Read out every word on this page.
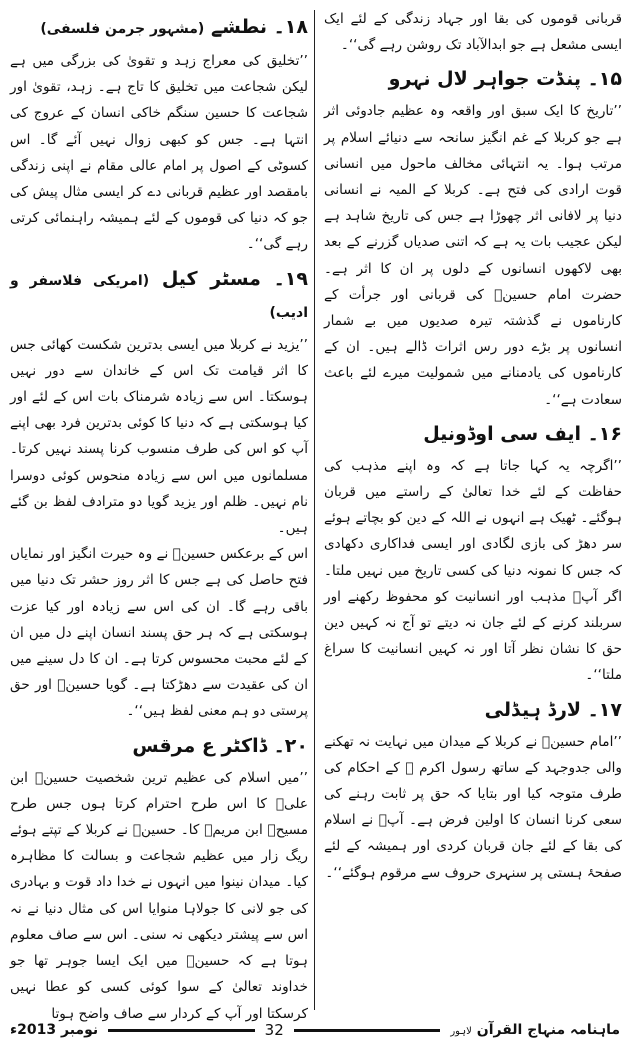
قربانی قوموں کی بقا اور جہاد زندگی کے لئے ایک ایسی مشعل ہے جو ابدالآباد تک روشن رہے گی‘‘۔

۱۵۔ پنڈت جواہر لال نہرو

’’تاریخ کا ایک سبق اور واقعہ وہ عظیم جادوئی اثر ہے جو کربلا کے غم انگیز سانحہ سے دنیائے اسلام پر مرتب ہوا۔ یہ انتہائی مخالف ماحول میں انسانی قوت ارادی کی فتح ہے۔ کربلا کے المیہ نے انسانی دنیا پر لافانی اثر چھوڑا ہے جس کی تاریخ شاہد ہے لیکن عجیب بات یہ ہے کہ اتنی صدیاں گزرنے کے بعد بھی لاکھوں انسانوں کے دلوں پر ان کا اثر ہے۔ حضرت امام حسینؑ کی قربانی اور جرأت کے کارناموں نے گذشتہ تیرہ صدیوں میں بے شمار انسانوں پر بڑے دور رس اثرات ڈالے ہیں۔ ان کے کارناموں کی یادمنانے میں شمولیت میرے لئے باعث سعادت ہے‘‘۔

۱۶۔ ایف سی اوڈونیل

’’اگرچہ یہ کہا جاتا ہے کہ وہ اپنے مذہب کی حفاظت کے لئے خدا تعالیٰ کے راستے میں قربان ہوگئے۔ ٹھیک ہے انہوں نے اللہ کے دین کو بچاتے ہوئے سر دھڑ کی بازی لگادی اور ایسی فداکاری دکھادی کہ جس کا نمونہ دنیا کی کسی تاریخ میں نہیں ملتا۔ اگر آپؑ مذہب اور انسانیت کو محفوظ رکھنے اور سربلند کرنے کے لئے جان نہ دیتے تو آج نہ کہیں دین حق کا نشان نظر آتا اور نہ کہیں انسانیت کا سراغ ملتا‘‘۔

۱۷۔ لارڈ ہیڈلی

’’امام حسینؑ نے کربلا کے میدان میں نہایت نہ تھکنے والی جدوجہد کے ساتھ رسول اکرم ﷺ کے احکام کی طرف متوجہ کیا اور بتایا کہ حق پر ثابت رہنے کی سعی کرنا انسان کا اولین فرض ہے۔ آپؑ نے اسلام کی بقا کے لئے جان قربان کردی اور ہمیشہ کے لئے صفحۂ ہستی پر سنہری حروف سے مرقوم ہوگئے‘‘۔

۱۸۔ نطشے (مشہور جرمن فلسفی)

’’تخلیق کی معراج زہد و تقویٰ کی بزرگی میں ہے لیکن شجاعت میں تخلیق کا تاج ہے۔ زہد، تقویٰ اور شجاعت کا حسین سنگم خاکی انسان کے عروج کی انتہا ہے۔ جس کو کبھی زوال نہیں آئے گا۔ اس کسوٹی کے اصول پر امام عالی مقام نے اپنی زندگی بامقصد اور عظیم قربانی دے کر ایسی مثال پیش کی جو کہ دنیا کی قوموں کے لئے ہمیشہ راہنمائی کرتی رہے گی‘‘۔

۱۹۔ مسٹر کیل (امریکی فلاسفر و ادیب)

’’یزید نے کربلا میں ایسی بدترین شکست کھائی جس کا اثر قیامت تک اس کے خاندان سے دور نہیں ہوسکتا۔ اس سے زیادہ شرمناک بات اس کے لئے اور کیا ہوسکتی ہے کہ دنیا کا کوئی بدترین فرد بھی اپنے آپ کو اس کی طرف منسوب کرنا پسند نہیں کرتا۔ مسلمانوں میں اس سے زیادہ منحوس کوئی دوسرا نام نہیں۔ ظلم اور یزید گویا دو مترادف لفظ بن گئے ہیں۔

اس کے برعکس حسینؑ نے وہ حیرت انگیز اور نمایاں فتح حاصل کی ہے جس کا اثر روز حشر تک دنیا میں باقی رہے گا۔ ان کی اس سے زیادہ اور کیا عزت ہوسکتی ہے کہ ہر حق پسند انسان اپنے دل میں ان کے لئے محبت محسوس کرتا ہے۔ ان کا دل سینے میں ان کی عقیدت سے دھڑکتا ہے۔ گویا حسینؑ اور حق پرستی دو ہم معنی لفظ ہیں‘‘۔

۲۰۔ ڈاکٹر ع مرقس

’’میں اسلام کی عظیم ترین شخصیت حسینؑ ابن علیؑ کا اس طرح احترام کرتا ہوں جس طرح مسیحؑ ابن مریمؑ کا۔ حسینؑ نے کربلا کے تپتے ہوئے ریگ زار میں عظیم شجاعت و بسالت کا مظاہرہ کیا۔ میدان نینوا میں انہوں نے خدا داد قوت و بہادری کی جو لانی کا جولاہا منوایا اس کی مثال دنیا نے نہ اس سے پیشتر دیکھی نہ سنی۔ اس سے صاف معلوم ہوتا ہے کہ حسینؑ میں ایک ایسا جوہر تھا جو خداوند تعالیٰ کے سوا کوئی کسی کو عطا نہیں کرسکتا اور آپ کے کردار سے صاف واضح ہوتا

ماہنامہ منہاج القرآن لاہور
32
نومبر 2013ء
